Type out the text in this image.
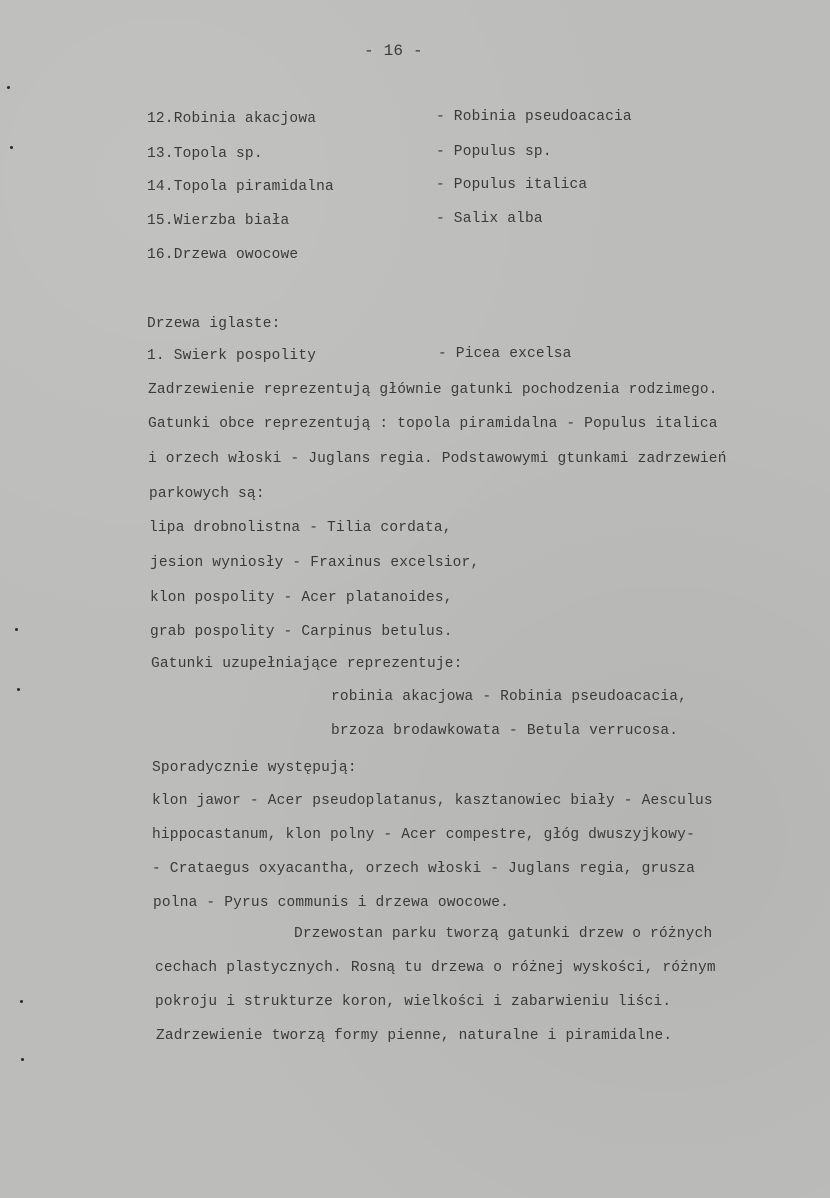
- 16 -
12.Robinia akacjowa	- Robinia pseudoacacia
13.Topola sp.	- Populus sp.
14.Topola piramidalna	- Populus italica
15.Wierzba biała	- Salix alba
16.Drzewa owocowe
Drzewa iglaste:
1. Swierk pospolity	- Picea excelsa
Zadrzewienie reprezentują głównie gatunki pochodzenia rodzimego.
Gatunki obce reprezentują : topola piramidalna - Populus italica
i orzech włoski - Juglans regia. Podstawowymi gtunkami zadrzewień
parkowych są:
lipa drobnolistna - Tilia cordata,
jesion wyniosły - Fraxinus excelsior,
klon pospolity - Acer platanoides,
grab pospolity - Carpinus betulus.
Gatunki uzupełniające reprezentuje:
robinia akacjowa - Robinia pseudoacacia,
brzoza brodawkowata - Betula verrucosa.
Sporadycznie występują:
klon jawor - Acer pseudoplatanus, kasztanowiec biały - Aesculus
hippocastanum, klon polny - Acer compestre, głóg dwuszyjkowy-
- Crataegus oxyacantha, orzech włoski - Juglans regia, grusza
polna - Pyrus communis i drzewa owocowe.
Drzewostan parku tworzą gatunki drzew o różnych
cechach plastycznych. Rosną tu drzewa o różnej wyskości, różnym
pokroju i strukturze koron, wielkości i zabarwieniu liści.
Zadrzewienie tworzą formy pienne, naturalne i piramidalne.
